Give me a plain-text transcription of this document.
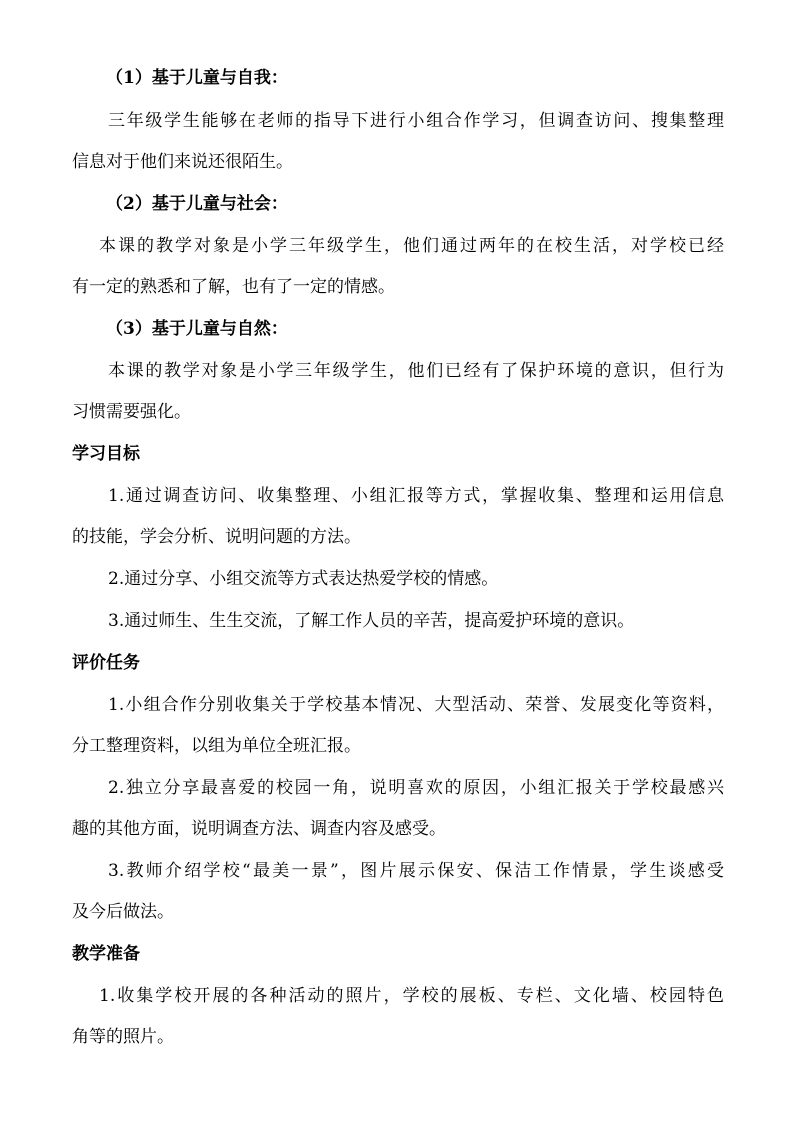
（1）基于儿童与自我：
三年级学生能够在老师的指导下进行小组合作学习，但调查访问、搜集整理
信息对于他们来说还很陌生。
（2）基于儿童与社会：
本课的教学对象是小学三年级学生，他们通过两年的在校生活，对学校已经
有一定的熟悉和了解，也有了一定的情感。
（3）基于儿童与自然：
本课的教学对象是小学三年级学生，他们已经有了保护环境的意识，但行为
习惯需要强化。
学习目标
1.通过调查访问、收集整理、小组汇报等方式，掌握收集、整理和运用信息
的技能，学会分析、说明问题的方法。
2.通过分享、小组交流等方式表达热爱学校的情感。
3.通过师生、生生交流，了解工作人员的辛苦，提高爱护环境的意识。
评价任务
1.小组合作分别收集关于学校基本情况、大型活动、荣誉、发展变化等资料，
分工整理资料，以组为单位全班汇报。
2.独立分享最喜爱的校园一角，说明喜欢的原因，小组汇报关于学校最感兴
趣的其他方面，说明调查方法、调查内容及感受。
3.教师介绍学校“最美一景”，图片展示保安、保洁工作情景，学生谈感受
及今后做法。
教学准备
1.收集学校开展的各种活动的照片，学校的展板、专栏、文化墙、校园特色
角等的照片。
